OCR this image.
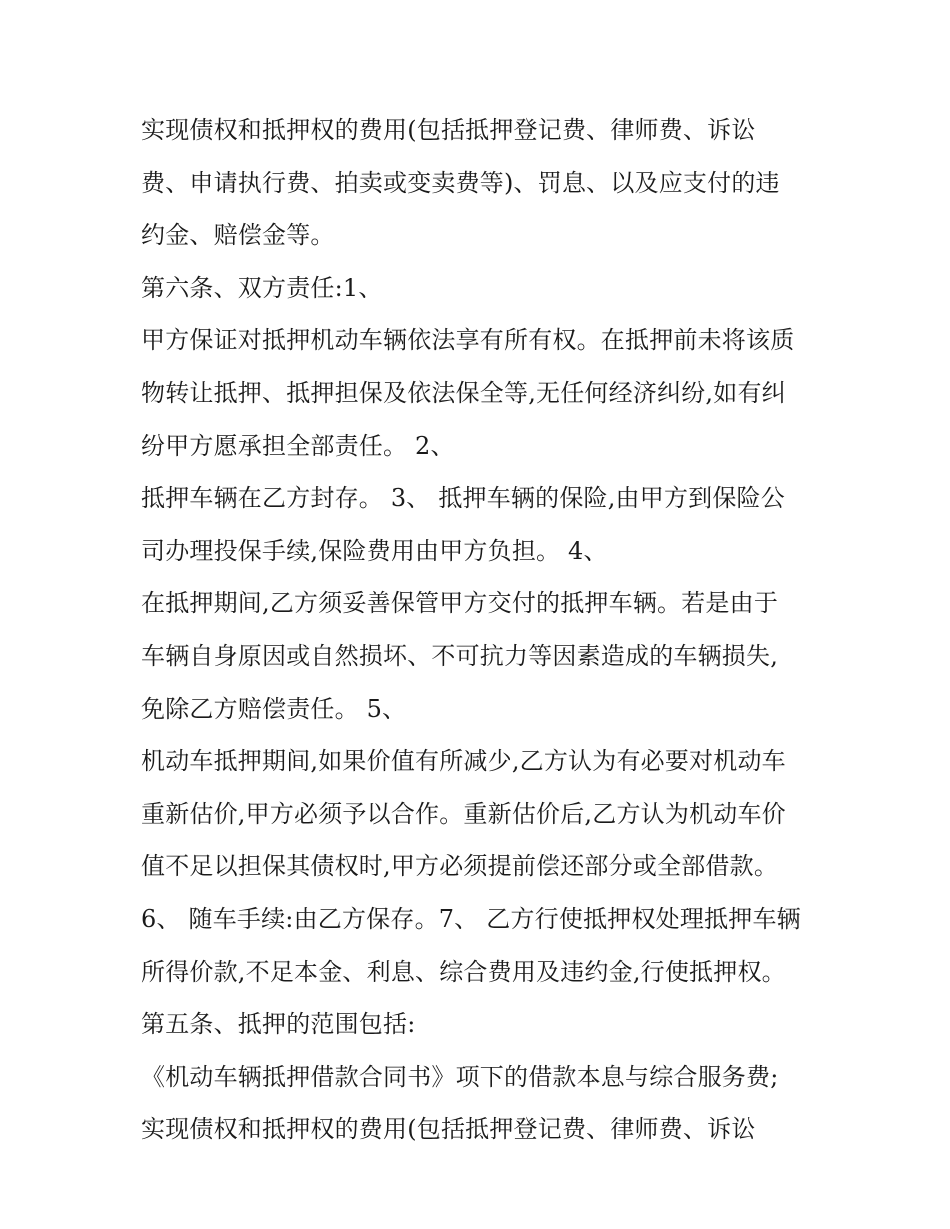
实现债权和抵押权的费用(包括抵押登记费、律师费、诉讼
费、申请执行费、拍卖或变卖费等)、罚息、以及应支付的违
约金、赔偿金等。
第六条、双方责任:1、
甲方保证对抵押机动车辆依法享有所有权。在抵押前未将该质
物转让抵押、抵押担保及依法保全等,无任何经济纠纷,如有纠
纷甲方愿承担全部责任。 2、
抵押车辆在乙方封存。 3、 抵押车辆的保险,由甲方到保险公
司办理投保手续,保险费用由甲方负担。 4、
在抵押期间,乙方须妥善保管甲方交付的抵押车辆。若是由于
车辆自身原因或自然损坏、不可抗力等因素造成的车辆损失,
免除乙方赔偿责任。 5、
机动车抵押期间,如果价值有所减少,乙方认为有必要对机动车
重新估价,甲方必须予以合作。重新估价后,乙方认为机动车价
值不足以担保其债权时,甲方必须提前偿还部分或全部借款。
6、 随车手续:由乙方保存。7、 乙方行使抵押权处理抵押车辆
所得价款,不足本金、利息、综合费用及违约金,行使抵押权。
第五条、抵押的范围包括:
《机动车辆抵押借款合同书》项下的借款本息与综合服务费;
实现债权和抵押权的费用(包括抵押登记费、律师费、诉讼
